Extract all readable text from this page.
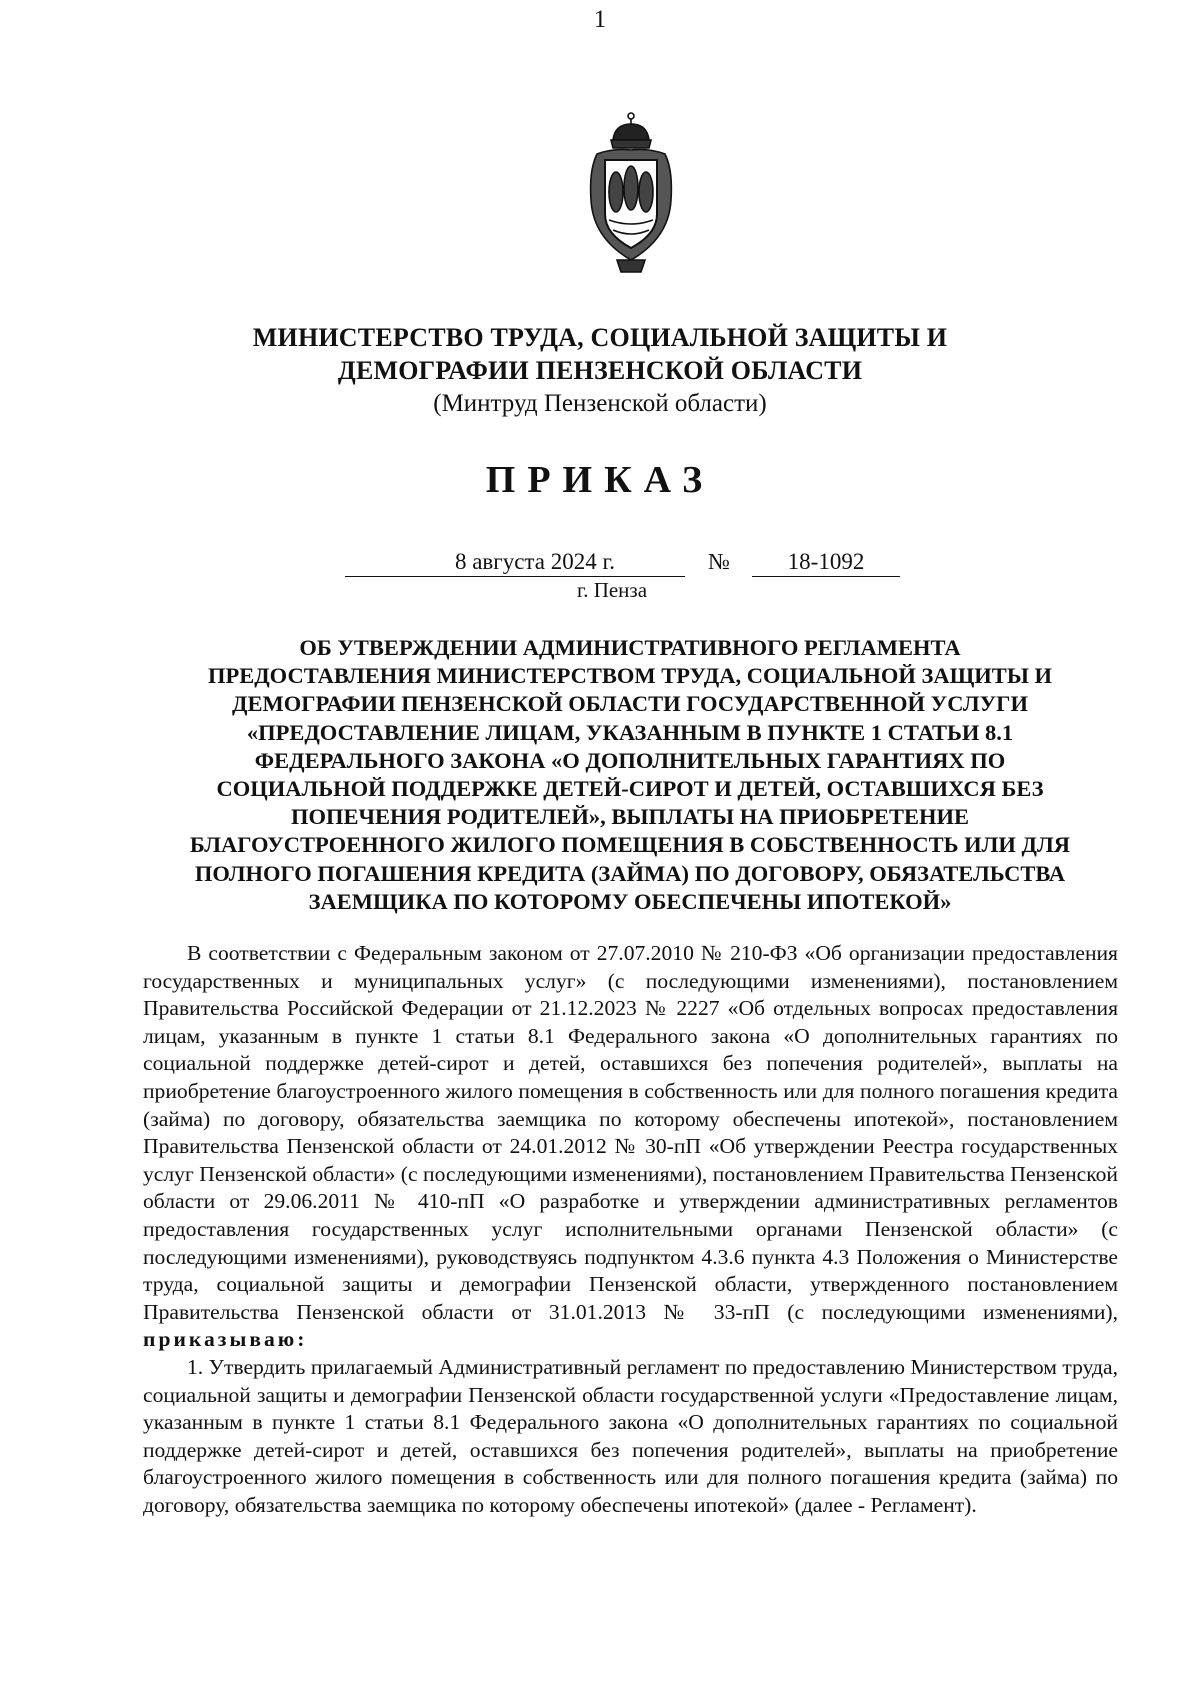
1
МИНИСТЕРСТВО ТРУДА, СОЦИАЛЬНОЙ ЗАЩИТЫ И
ДЕМОГРАФИИ ПЕНЗЕНСКОЙ ОБЛАСТИ
(Минтруд Пензенской области)
ПРИКАЗ
8 августа 2024 г.	№	18-1092
г. Пенза
ОБ УТВЕРЖДЕНИИ АДМИНИСТРАТИВНОГО РЕГЛАМЕНТА
ПРЕДОСТАВЛЕНИЯ МИНИСТЕРСТВОМ ТРУДА, СОЦИАЛЬНОЙ ЗАЩИТЫ И
ДЕМОГРАФИИ ПЕНЗЕНСКОЙ ОБЛАСТИ ГОСУДАРСТВЕННОЙ УСЛУГИ
«ПРЕДОСТАВЛЕНИЕ ЛИЦАМ, УКАЗАННЫМ В ПУНКТЕ 1 СТАТЬИ 8.1
ФЕДЕРАЛЬНОГО ЗАКОНА «О ДОПОЛНИТЕЛЬНЫХ ГАРАНТИЯХ ПО
СОЦИАЛЬНОЙ ПОДДЕРЖКЕ ДЕТЕЙ-СИРОТ И ДЕТЕЙ, ОСТАВШИХСЯ БЕЗ
ПОПЕЧЕНИЯ РОДИТЕЛЕЙ», ВЫПЛАТЫ НА ПРИОБРЕТЕНИЕ
БЛАГОУСТРОЕННОГО ЖИЛОГО ПОМЕЩЕНИЯ В СОБСТВЕННОСТЬ ИЛИ ДЛЯ
ПОЛНОГО ПОГАШЕНИЯ КРЕДИТА (ЗАЙМА) ПО ДОГОВОРУ, ОБЯЗАТЕЛЬСТВА
ЗАЕМЩИКА ПО КОТОРОМУ ОБЕСПЕЧЕНЫ ИПОТЕКОЙ»

В соответствии с Федеральным законом от 27.07.2010 № 210-ФЗ «Об организации предоставления государственных и муниципальных услуг» (с последующими изменениями), постановлением Правительства Российской Федерации от 21.12.2023 № 2227 «Об отдельных вопросах предоставления лицам, указанным в пункте 1 статьи 8.1 Федерального закона «О дополнительных гарантиях по социальной поддержке детей-сирот и детей, оставшихся без попечения родителей», выплаты на приобретение благоустроенного жилого помещения в собственность или для полного погашения кредита (займа) по договору, обязательства заемщика по которому обеспечены ипотекой», постановлением Правительства Пензенской области от 24.01.2012 № 30-пП «Об утверждении Реестра государственных услуг Пензенской области» (с последующими изменениями), постановлением Правительства Пензенской области от 29.06.2011 № 410-пП «О разработке и утверждении административных регламентов предоставления государственных услуг исполнительными органами Пензенской области» (с последующими изменениями), руководствуясь подпунктом 4.3.6 пункта 4.3 Положения о Министерстве труда, социальной защиты и демографии Пензенской области, утвержденного постановлением Правительства Пензенской области от 31.01.2013 № 33-пП (с последующими изменениями), приказываю:

1. Утвердить прилагаемый Административный регламент по предоставлению Министерством труда, социальной защиты и демографии Пензенской области государственной услуги «Предоставление лицам, указанным в пункте 1 статьи 8.1 Федерального закона «О дополнительных гарантиях по социальной поддержке детей-сирот и детей, оставшихся без попечения родителей», выплаты на приобретение благоустроенного жилого помещения в собственность или для полного погашения кредита (займа) по договору, обязательства заемщика по которому обеспечены ипотекой» (далее - Регламент).
